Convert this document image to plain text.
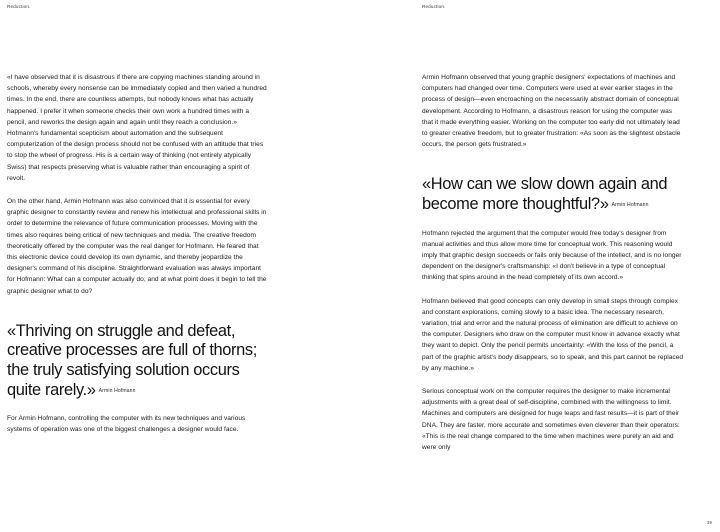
Reduction.	Reduction.

«I have observed that it is disastrous if there are copying machines standing around in schools, whereby every nonsense can be immediately copied and then varied a hundred times. In the end, there are countless attempts, but nobody knows what has actually happened. I prefer it when someone checks their own work a hundred times with a pencil, and reworks the design again and again until they reach a conclusion.» Hofmann's fundamental scepticism about automation and the subsequent computerization of the design process should not be confused with an attitude that tries to stop the wheel of progress. His is a certain way of thinking (not entirely atypically Swiss) that respects preserving what is valuable rather than encouraging a spirit of revolt.

On the other hand, Armin Hofmann was also convinced that it is essential for every graphic designer to constantly review and renew his intellectual and professional skills in order to determine the relevance of future communication processes. Moving with the times also requires being critical of new techniques and media. The creative freedom theoretically offered by the computer was the real danger for Hofmann. He feared that this electronic device could develop its own dynamic, and thereby jeopardize the designer's command of his discipline. Straightforward evaluation was always important for Hofmann: What can a computer actually do, and at what point does it begin to tell the graphic designer what to do?

«Thriving on struggle and defeat, creative processes are full of thorns; the truly satisfying solution occurs quite rarely.» Armin Hofmann

For Armin Hofmann, controlling the computer with its new techniques and various systems of operation was one of the biggest challenges a designer would face.

Armin Hofmann observed that young graphic designers' expectations of machines and computers had changed over time. Computers were used at ever earlier stages in the process of design—even encroaching on the necessarily abstract domain of conceptual development. According to Hofmann, a disastrous reason for using the computer was that it made everything easier. Working on the computer too early did not ultimately lead to greater creative freedom, but to greater frustration: «As soon as the slightest obstacle occurs, the person gets frustrated.»

«How can we slow down again and become more thoughtful?» Armin Hofmann

Hofmann rejected the argument that the computer would free today's designer from manual activities and thus allow more time for conceptual work. This reasoning would imply that graphic design succeeds or fails only because of the intellect, and is no longer dependent on the designer's craftsmanship: «I don't believe in a type of conceptual thinking that spins around in the head completely of its own accord.»

Hofmann believed that good concepts can only develop in small steps through complex and constant explorations, coming slowly to a basic idea. The necessary research, variation, trial and error and the natural process of elimination are difficult to achieve on the computer. Designers who draw on the computer must know in advance exactly what they want to depict. Only the pencil permits uncertainty: «With the loss of the pencil, a part of the graphic artist's body disappears, so to speak, and this part cannot be replaced by any machine.»

Serious conceptual work on the computer requires the designer to make incremental adjustments with a great deal of self-discipline, combined with the willingness to limit. Machines and computers are designed for huge leaps and fast results—it is part of their DNA. They are faster, more accurate and sometimes even cleverer than their operators: «This is the real change compared to the time when machines were purely an aid and were only

39
